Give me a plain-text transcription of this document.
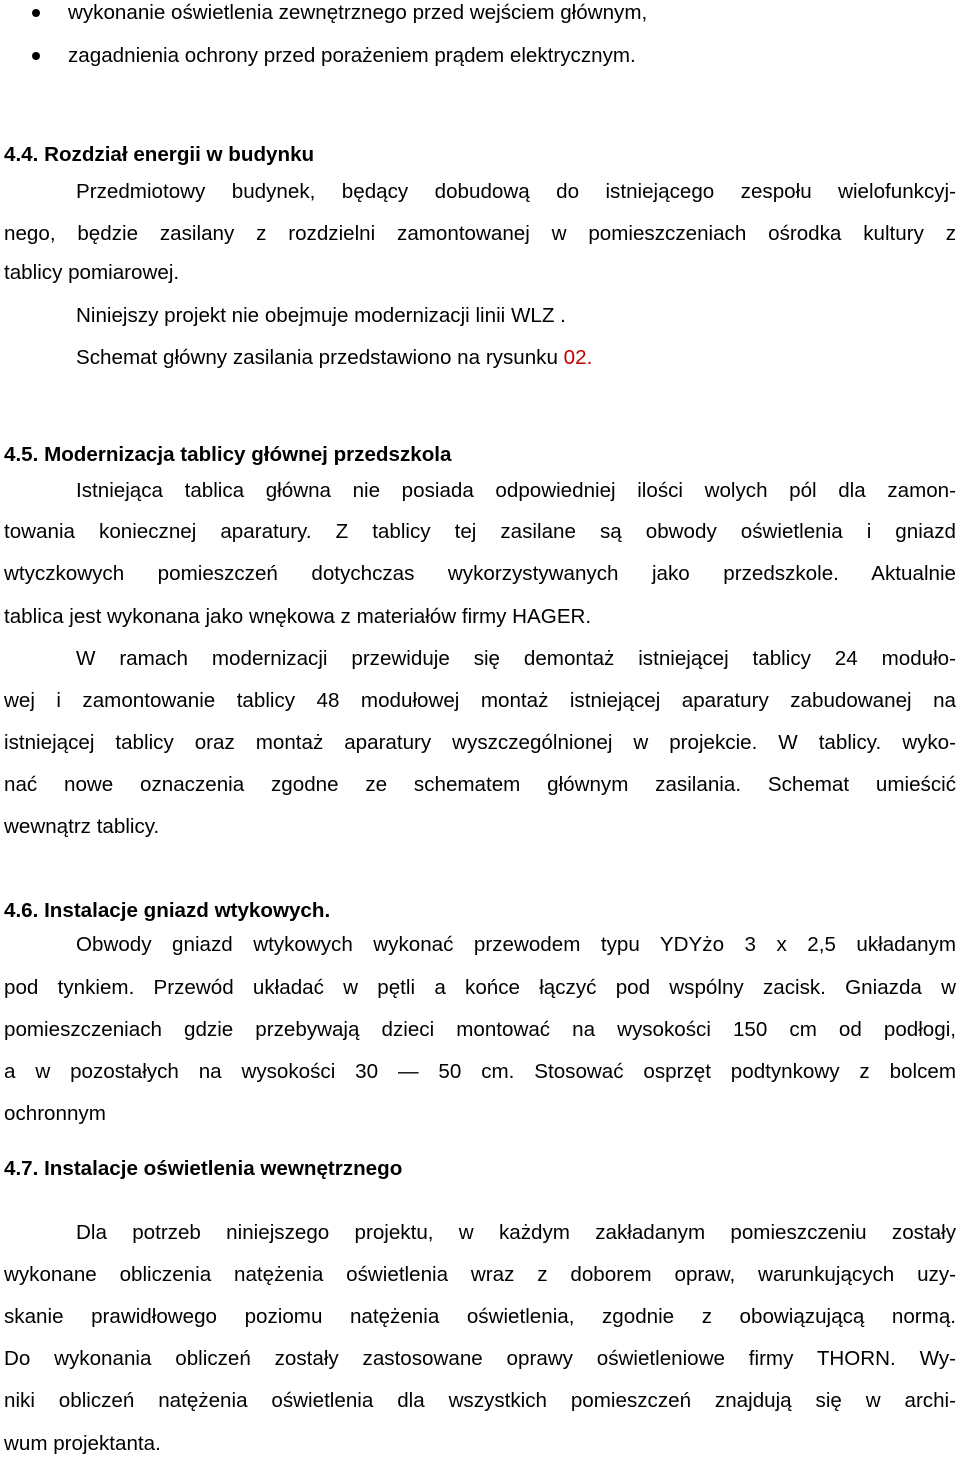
wykonanie oświetlenia zewnętrznego przed wejściem głównym,
zagadnienia ochrony przed porażeniem prądem elektrycznym.
4.4. Rozdział energii w budynku
Przedmiotowy budynek, będący dobudową do istniejącego zespołu wielofunkcyj-
nego, będzie zasilany z rozdzielni zamontowanej w pomieszczeniach ośrodka kultury z
tablicy pomiarowej.
Niniejszy projekt nie obejmuje modernizacji linii WLZ .
Schemat główny zasilania przedstawiono na rysunku 02.
4.5. Modernizacja tablicy głównej przedszkola
Istniejąca tablica główna nie posiada odpowiedniej ilości wolych pól dla zamon-
towania koniecznej aparatury. Z tablicy tej zasilane są obwody oświetlenia i gniazd
wtyczkowych pomieszczeń dotychczas wykorzystywanych jako przedszkole. Aktualnie
tablica jest wykonana jako wnękowa z materiałów firmy HAGER.
W ramach modernizacji przewiduje się demontaż istniejącej tablicy 24 moduło-
wej i zamontowanie tablicy 48 modułowej montaż istniejącej aparatury zabudowanej na
istniejącej tablicy oraz montaż aparatury wyszczególnionej w projekcie. W tablicy. wyko-
nać nowe oznaczenia zgodne ze schematem głównym zasilania. Schemat umieścić
wewnątrz tablicy.
4.6. Instalacje gniazd wtykowych.
Obwody gniazd wtykowych wykonać przewodem typu YDYżo 3 x 2,5 układanym
pod tynkiem. Przewód układać w pętli a końce łączyć pod wspólny zacisk. Gniazda w
pomieszczeniach gdzie przebywają dzieci montować na wysokości 150 cm od podłogi,
a w pozostałych na wysokości 30 — 50 cm. Stosować osprzęt podtynkowy z bolcem
ochronnym
4.7. Instalacje oświetlenia wewnętrznego
Dla potrzeb niniejszego projektu, w każdym zakładanym pomieszczeniu zostały
wykonane obliczenia natężenia oświetlenia wraz z doborem opraw, warunkujących uzy-
skanie prawidłowego poziomu natężenia oświetlenia, zgodnie z obowiązującą normą.
Do wykonania obliczeń zostały zastosowane oprawy oświetleniowe firmy THORN. Wy-
niki obliczeń natężenia oświetlenia dla wszystkich pomieszczeń znajdują się w archi-
wum projektanta.
